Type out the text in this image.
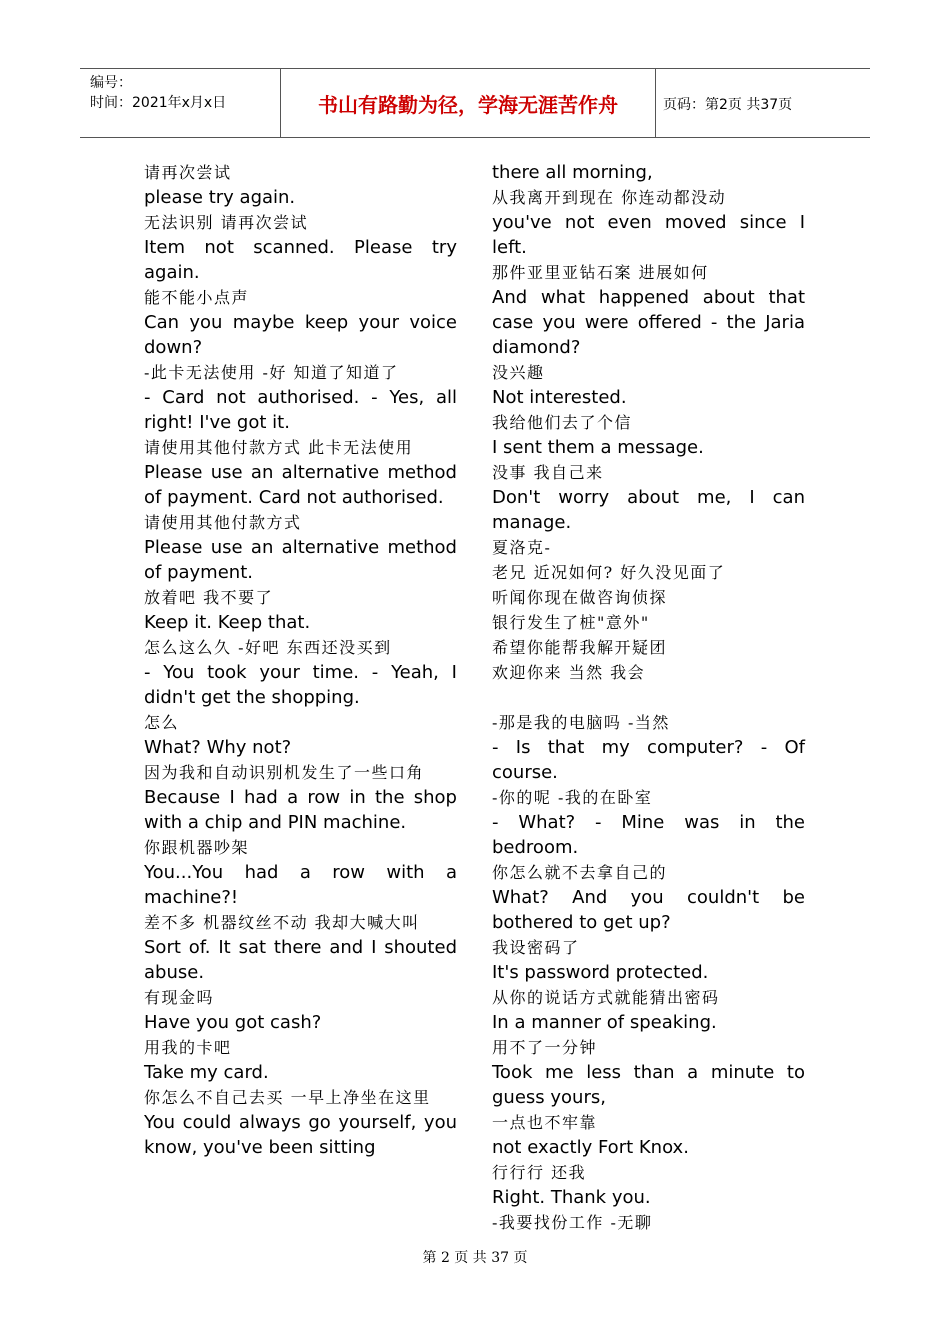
编号：
时间：2021年x月x日	书山有路勤为径，学海无涯苦作舟	页码：第2页 共37页

请再次尝试

please try again.

无法识别 请再次尝试

Item not scanned. Please try again.

能不能小点声

Can you maybe keep your voice down?

-此卡无法使用 -好 知道了知道了

- Card not authorised. - Yes, all right! I've got it.

请使用其他付款方式 此卡无法使用

Please use an alternative method of payment. Card not authorised.

请使用其他付款方式

Please use an alternative method of payment.

放着吧 我不要了

Keep it. Keep that.

怎么这么久 -好吧 东西还没买到

- You took your time. - Yeah, I didn't get the shopping.

怎么

What? Why not?

因为我和自动识别机发生了一些口角

Because I had a row in the shop with a chip and PIN machine.

你跟机器吵架

You...You had a row with a machine?!

差不多 机器纹丝不动 我却大喊大叫

Sort of. It sat there and I shouted abuse.

有现金吗

Have you got cash?

用我的卡吧

Take my card.

你怎么不自己去买 一早上净坐在这里

You could always go yourself, you know, you've been sitting

there all morning,

从我离开到现在 你连动都没动

you've not even moved since I left.

那件亚里亚钻石案 进展如何

And what happened about that case you were offered - the Jaria diamond?

没兴趣

Not interested.

我给他们去了个信

I sent them a message.

没事 我自己来

Don't worry about me, I can manage.

夏洛克-

老兄 近况如何? 好久没见面了

听闻你现在做咨询侦探

银行发生了桩"意外"

希望你能帮我解开疑团

欢迎你来 当然 我会

-那是我的电脑吗 -当然

- Is that my computer? - Of course.

-你的呢 -我的在卧室

- What? - Mine was in the bedroom.

你怎么就不去拿自己的

What? And you couldn't be bothered to get up?

我设密码了

It's password protected.

从你的说话方式就能猜出密码

In a manner of speaking.

用不了一分钟

Took me less than a minute to guess yours,

一点也不牢靠

not exactly Fort Knox.

行行行 还我

Right. Thank you.

-我要找份工作 -无聊

第 2 页 共 37 页
